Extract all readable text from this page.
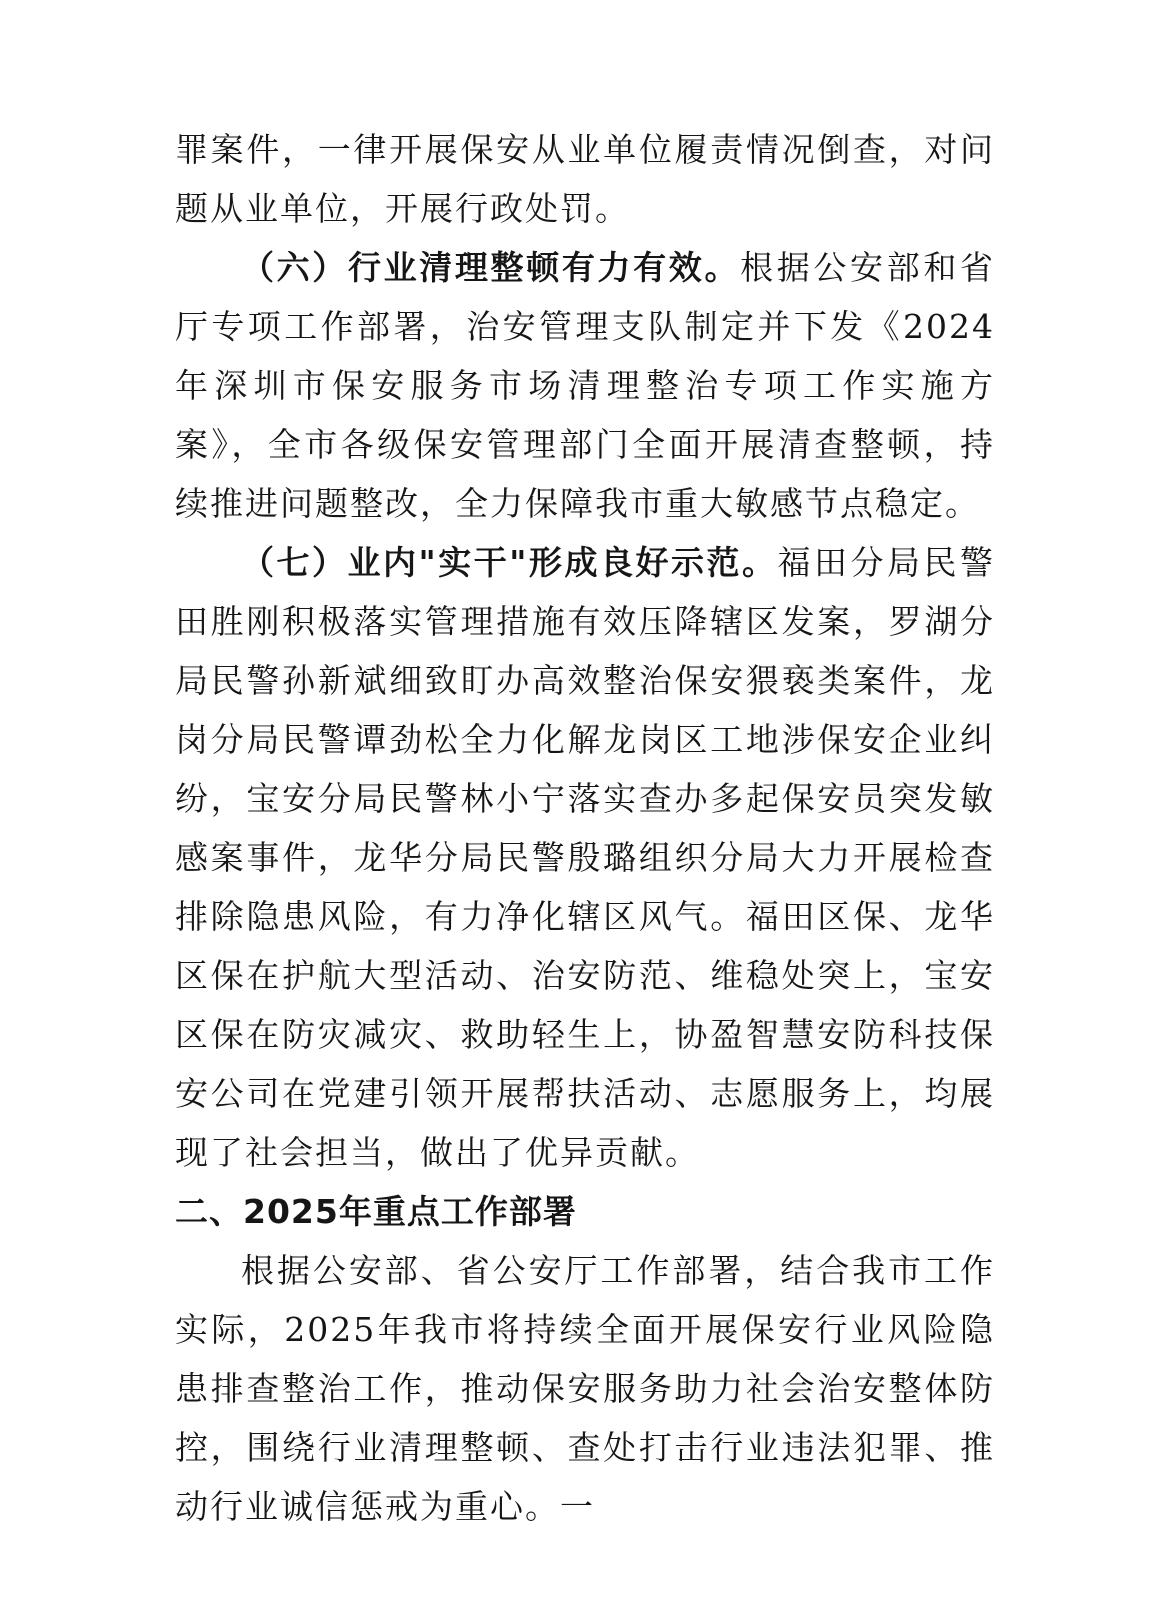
罪案件，一律开展保安从业单位履责情况倒查，对问题从业单位，开展行政处罚。

（六）行业清理整顿有力有效。根据公安部和省厅专项工作部署，治安管理支队制定并下发《2024年深圳市保安服务市场清理整治专项工作实施方案》，全市各级保安管理部门全面开展清查整顿，持续推进问题整改，全力保障我市重大敏感节点稳定。

（七）业内"实干"形成良好示范。福田分局民警田胜刚积极落实管理措施有效压降辖区发案，罗湖分局民警孙新斌细致盯办高效整治保安猥亵类案件，龙岗分局民警谭劲松全力化解龙岗区工地涉保安企业纠纷，宝安分局民警林小宁落实查办多起保安员突发敏感案事件，龙华分局民警殷璐组织分局大力开展检查排除隐患风险，有力净化辖区风气。福田区保、龙华区保在护航大型活动、治安防范、维稳处突上，宝安区保在防灾减灾、救助轻生上，协盈智慧安防科技保安公司在党建引领开展帮扶活动、志愿服务上，均展现了社会担当，做出了优异贡献。

二、2025年重点工作部署

根据公安部、省公安厅工作部署，结合我市工作实际，2025年我市将持续全面开展保安行业风险隐患排查整治工作，推动保安服务助力社会治安整体防控，围绕行业清理整顿、查处打击行业违法犯罪、推动行业诚信惩戒为重心。一
